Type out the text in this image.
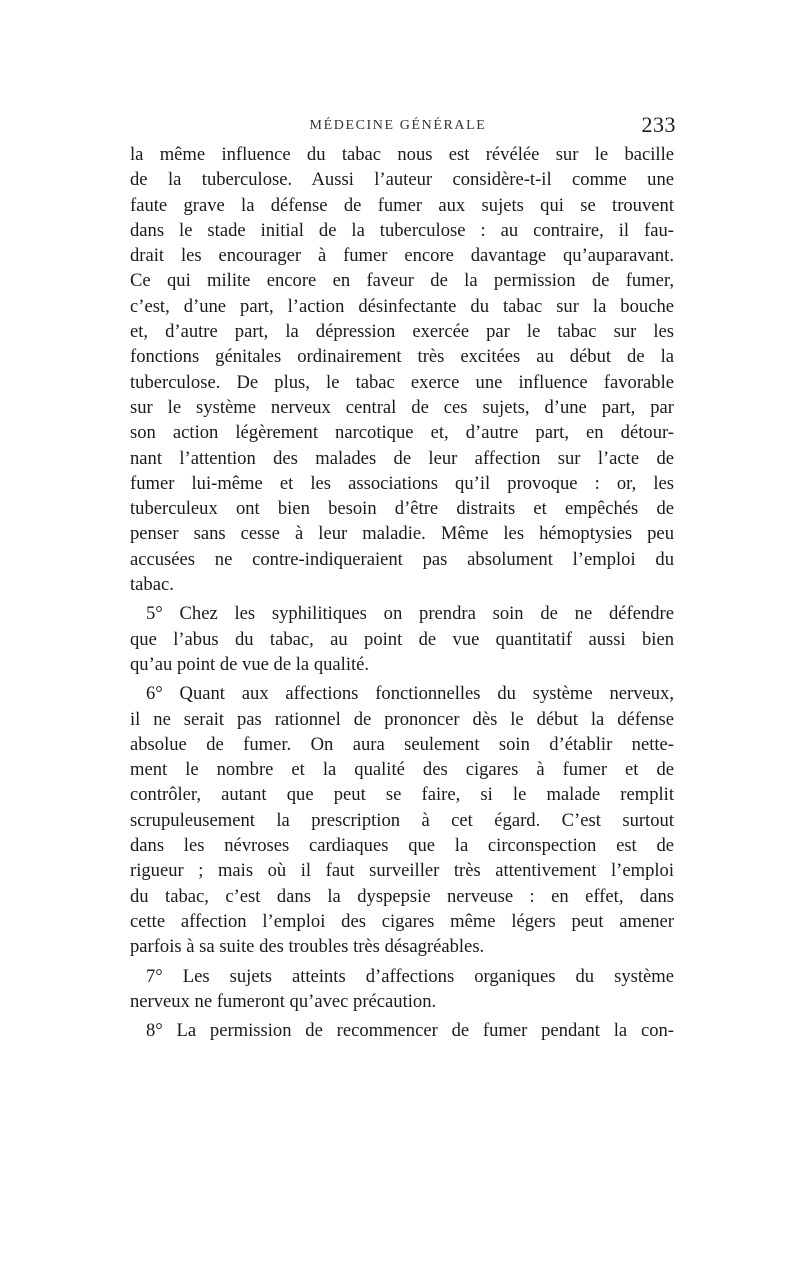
MÉDECINE GÉNÉRALE	233
la même influence du tabac nous est révélée sur le bacille
de la tuberculose. Aussi l’auteur considère-t-il comme une
faute grave la défense de fumer aux sujets qui se trouvent
dans le stade initial de la tuberculose : au contraire, il fau-
drait les encourager à fumer encore davantage qu’auparavant.
Ce qui milite encore en faveur de la permission de fumer,
c’est, d’une part, l’action désinfectante du tabac sur la bouche
et, d’autre part, la dépression exercée par le tabac sur les
fonctions génitales ordinairement très excitées au début de la
tuberculose. De plus, le tabac exerce une influence favorable
sur le système nerveux central de ces sujets, d’une part, par
son action légèrement narcotique et, d’autre part, en détour-
nant l’attention des malades de leur affection sur l’acte de
fumer lui-même et les associations qu’il provoque : or, les
tuberculeux ont bien besoin d’être distraits et empêchés de
penser sans cesse à leur maladie. Même les hémoptysies peu
accusées ne contre-indiqueraient pas absolument l’emploi du
tabac.
5° Chez les syphilitiques on prendra soin de ne défendre
que l’abus du tabac, au point de vue quantitatif aussi bien
qu’au point de vue de la qualité.
6° Quant aux affections fonctionnelles du système nerveux,
il ne serait pas rationnel de prononcer dès le début la défense
absolue de fumer. On aura seulement soin d’établir nette-
ment le nombre et la qualité des cigares à fumer et de
contrôler, autant que peut se faire, si le malade remplit
scrupuleusement la prescription à cet égard. C’est surtout
dans les névroses cardiaques que la circonspection est de
rigueur ; mais où il faut surveiller très attentivement l’emploi
du tabac, c’est dans la dyspepsie nerveuse : en effet, dans
cette affection l’emploi des cigares même légers peut amener
parfois à sa suite des troubles très désagréables.
7° Les sujets atteints d’affections organiques du système
nerveux ne fumeront qu’avec précaution.
8° La permission de recommencer de fumer pendant la con-
